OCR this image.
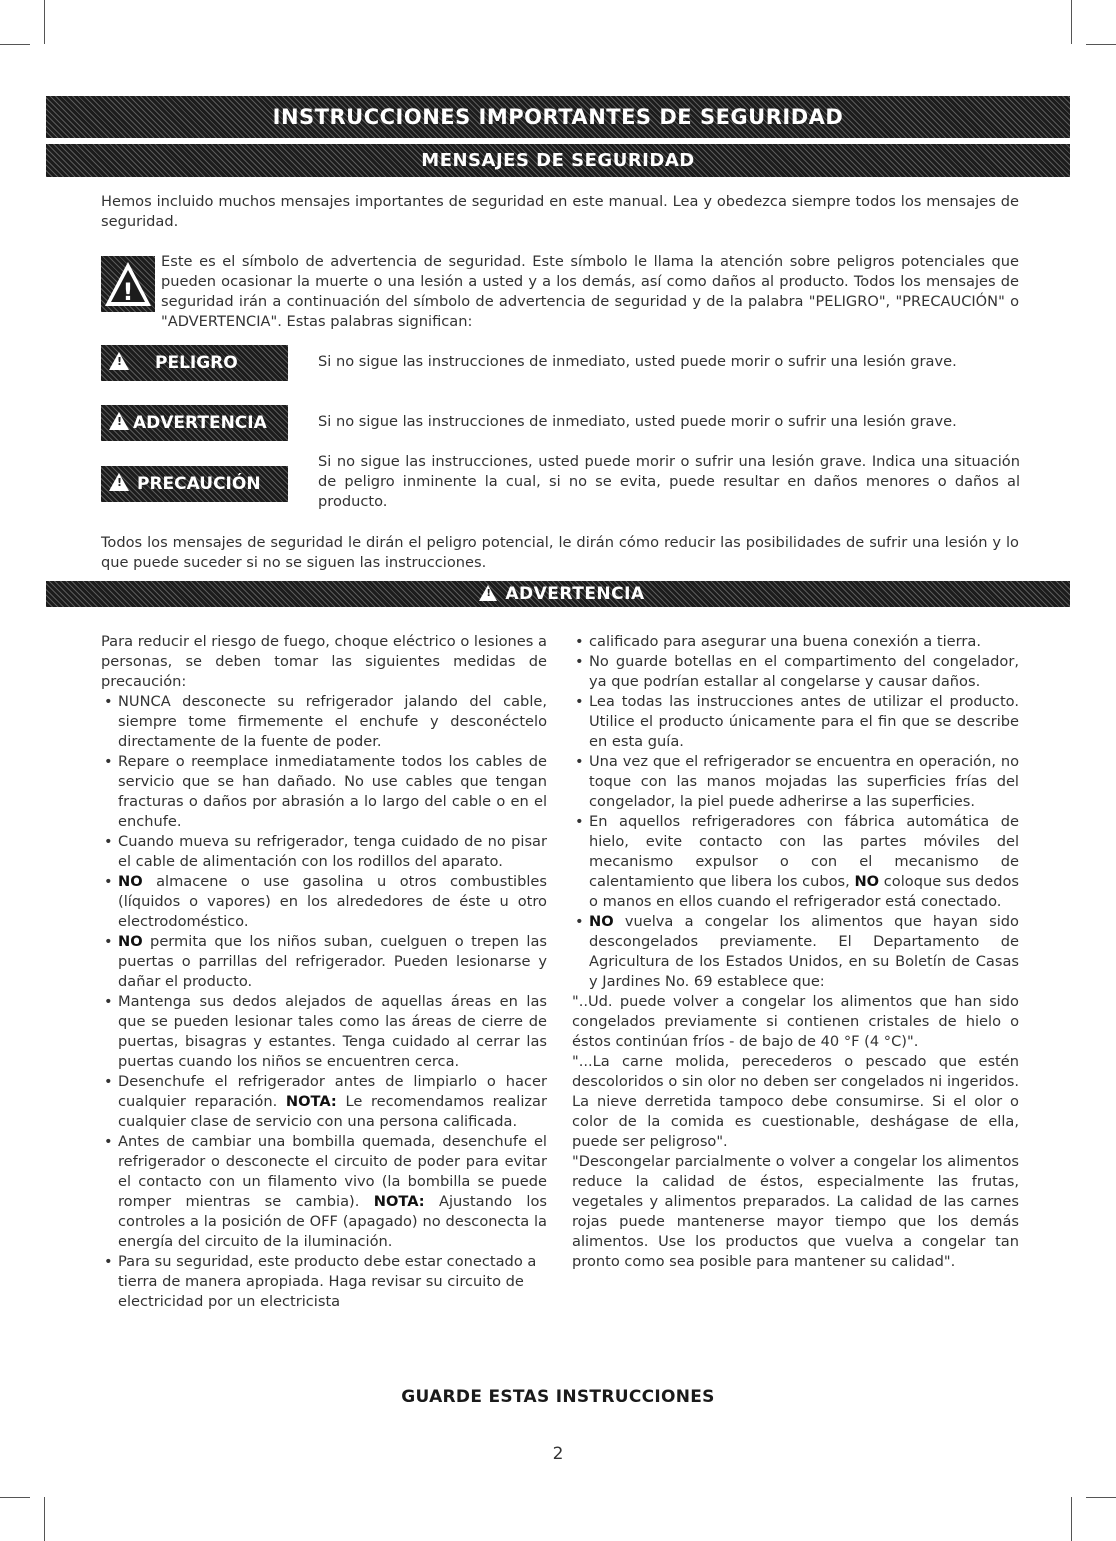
INSTRUCCIONES IMPORTANTES DE SEGURIDAD
MENSAJES DE SEGURIDAD

Hemos incluido muchos mensajes importantes de seguridad en este manual. Lea y obedezca siempre todos los mensajes de seguridad.

!

Este es el símbolo de advertencia de seguridad. Este símbolo le llama la atención sobre peligros potenciales que pueden ocasionar la muerte o una lesión a usted y a los demás, así como daños al producto. Todos los mensajes de seguridad irán a continuación del símbolo de advertencia de seguridad y de la palabra "PELIGRO", "PRECAUCIÓN" o "ADVERTENCIA". Estas palabras significan:

! PELIGRO	Si no sigue las instrucciones de inmediato, usted puede morir o sufrir una lesión grave.

! ADVERTENCIA	Si no sigue las instrucciones de inmediato, usted puede morir o sufrir una lesión grave.

! PRECAUCIÓN

Si no sigue las instrucciones, usted puede morir o sufrir una lesión grave. Indica una situación de peligro inminente la cual, si no se evita, puede resultar en daños menores o daños al producto.

Todos los mensajes de seguridad le dirán el peligro potencial, le dirán cómo reducir las posibilidades de sufrir una lesión y lo que puede suceder si no se siguen las instrucciones.

! ADVERTENCIA

Para reducir el riesgo de fuego, choque eléctrico o lesiones a personas, se deben tomar las siguientes medidas de precaución:

• NUNCA desconecte su refrigerador jalando del cable, siempre tome firmemente el enchufe y desconéctelo directamente de la fuente de poder.
• Repare o reemplace inmediatamente todos los cables de servicio que se han dañado. No use cables que tengan fracturas o daños por abrasión a lo largo del cable o en el enchufe.
• Cuando mueva su refrigerador, tenga cuidado de no pisar el cable de alimentación con los rodillos del aparato.
• NO almacene o use gasolina u otros combustibles (líquidos o vapores) en los alrededores de éste u otro electrodoméstico.
• NO permita que los niños suban, cuelguen o trepen las puertas o parrillas del refrigerador. Pueden lesionarse y dañar el producto.
• Mantenga sus dedos alejados de aquellas áreas en las que se pueden lesionar tales como las áreas de cierre de puertas, bisagras y estantes. Tenga cuidado al cerrar las puertas cuando los niños se encuentren cerca.
• Desenchufe el refrigerador antes de limpiarlo o hacer cualquier reparación. NOTA: Le recomendamos realizar cualquier clase de servicio con una persona calificada.
• Antes de cambiar una bombilla quemada, desenchufe el refrigerador o desconecte el circuito de poder para evitar el contacto con un filamento vivo (la bombilla se puede romper mientras se cambia). NOTA: Ajustando los controles a la posición de OFF (apagado) no desconecta la energía del circuito de la iluminación.
• Para su seguridad, este producto debe estar conectado a tierra de manera apropiada. Haga revisar su circuito de electricidad por un electricista
• calificado para asegurar una buena conexión a tierra.
• No guarde botellas en el compartimento del congelador, ya que podrían estallar al congelarse y causar daños.
• Lea todas las instrucciones antes de utilizar el producto. Utilice el producto únicamente para el fin que se describe en esta guía.
• Una vez que el refrigerador se encuentra en operación, no toque con las manos mojadas las superficies frías del congelador, la piel puede adherirse a las superficies.
• En aquellos refrigeradores con fábrica automática de hielo, evite contacto con las partes móviles del mecanismo expulsor o con el mecanismo de calentamiento que libera los cubos, NO coloque sus dedos o manos en ellos cuando el refrigerador está conectado.
• NO vuelva a congelar los alimentos que hayan sido descongelados previamente. El Departamento de Agricultura de los Estados Unidos, en su Boletín de Casas y Jardines No. 69 establece que:

"..Ud. puede volver a congelar los alimentos que han sido congelados previamente si contienen cristales de hielo o éstos continúan fríos - de bajo de 40 °F (4 °C)".

"...La carne molida, perecederos o pescado que estén descoloridos o sin olor no deben ser congelados ni ingeridos. La nieve derretida tampoco debe consumirse. Si el olor o color de la comida es cuestionable, deshágase de ella, puede ser peligroso".

"Descongelar parcialmente o volver a congelar los alimentos reduce la calidad de éstos, especialmente las frutas, vegetales y alimentos preparados. La calidad de las carnes rojas puede mantenerse mayor tiempo que los demás alimentos. Use los productos que vuelva a congelar tan pronto como sea posible para mantener su calidad".

GUARDE ESTAS INSTRUCCIONES
2
